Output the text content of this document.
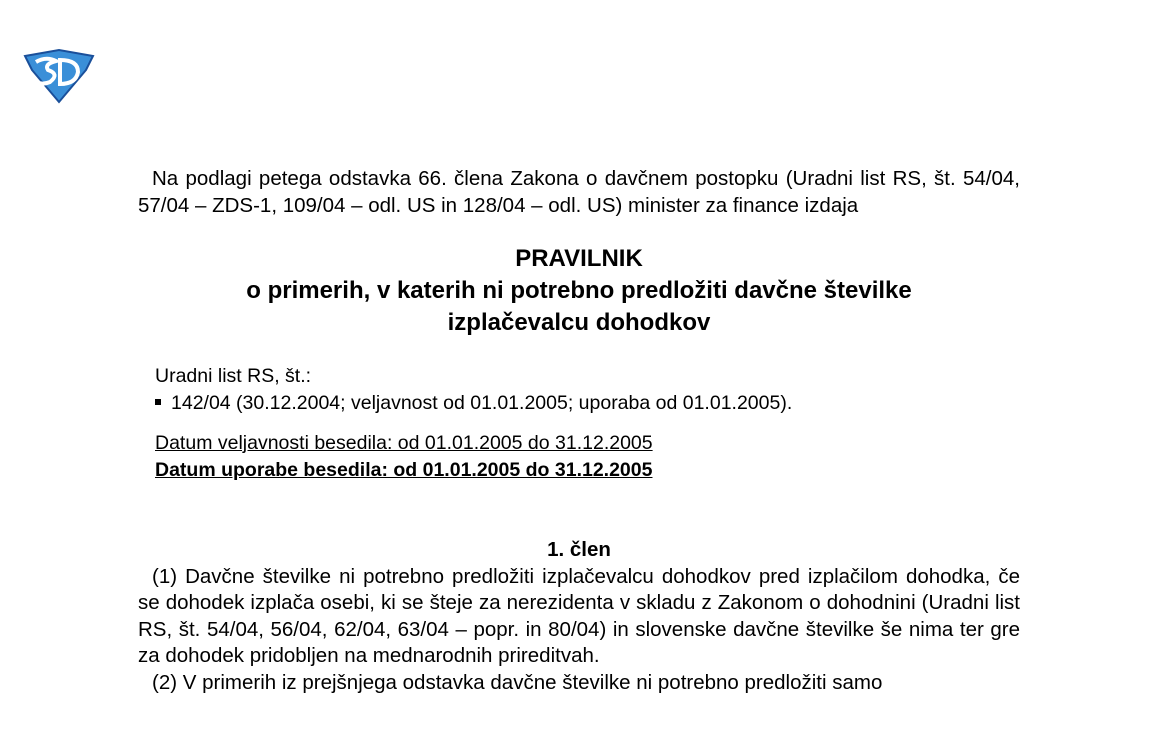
Na podlagi petega odstavka 66. člena Zakona o davčnem postopku (Uradni list RS, št. 54/04, 57/04 – ZDS-1, 109/04 – odl. US in 128/04 – odl. US) minister za finance izdaja

PRAVILNIK
o primerih, v katerih ni potrebno predložiti davčne številke
izplačevalcu dohodkov
Uradni list RS, št.:
142/04 (30.12.2004; veljavnost od 01.01.2005; uporaba od 01.01.2005).
Datum veljavnosti besedila: od 01.01.2005 do 31.12.2005
Datum uporabe besedila: od 01.01.2005 do 31.12.2005
1. člen

(1) Davčne številke ni potrebno predložiti izplačevalcu dohodkov pred izplačilom dohodka, če se dohodek izplača osebi, ki se šteje za nerezidenta v skladu z Zakonom o dohodnini (Uradni list RS, št. 54/04, 56/04, 62/04, 63/04 – popr. in 80/04) in slovenske davčne številke še nima ter gre za dohodek pridobljen na mednarodnih prireditvah.

(2) V primerih iz prejšnjega odstavka davčne številke ni potrebno predložiti samo
